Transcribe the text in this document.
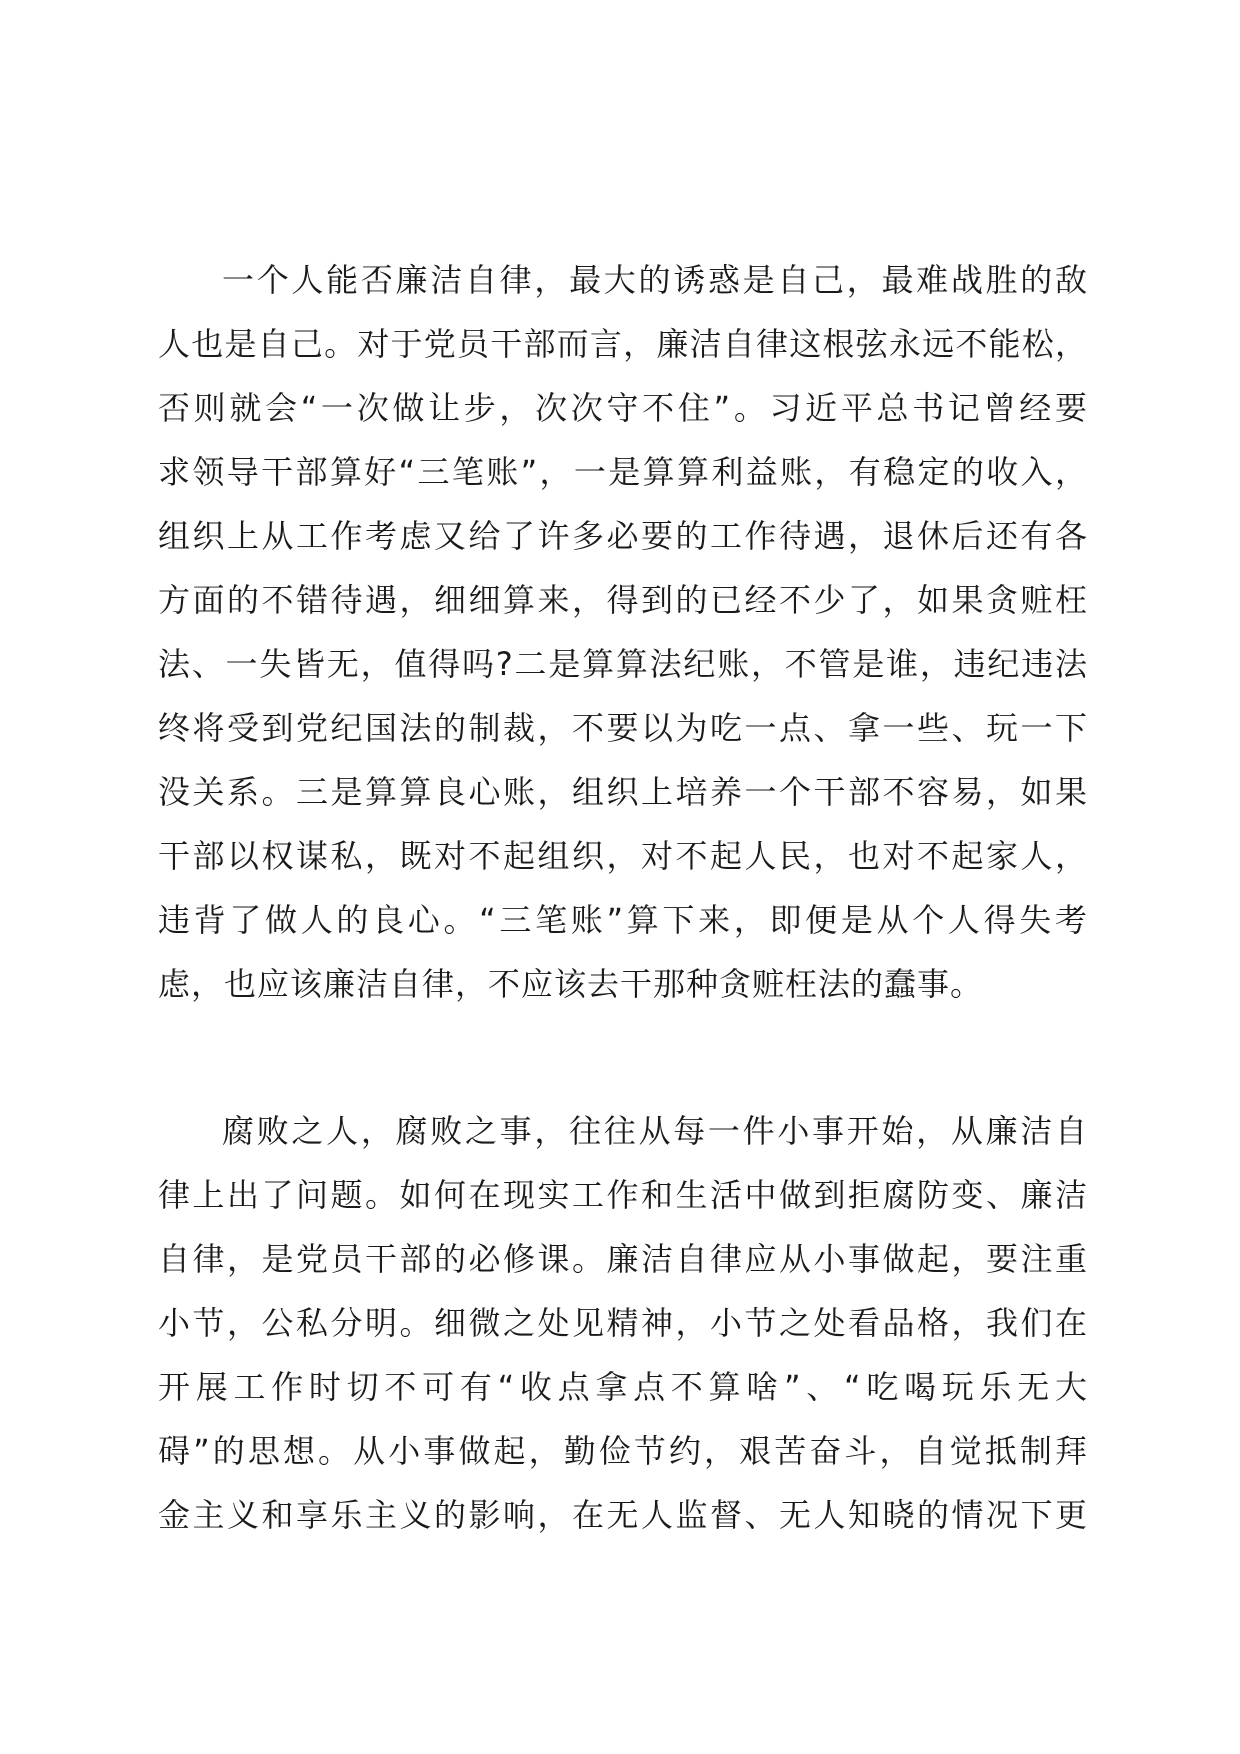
一个人能否廉洁自律，最大的诱惑是自己，最难战胜的敌
人也是自己。对于党员干部而言，廉洁自律这根弦永远不能松，
否则就会“一次做让步，次次守不住”。习近平总书记曾经要
求领导干部算好“三笔账”，一是算算利益账，有稳定的收入，
组织上从工作考虑又给了许多必要的工作待遇，退休后还有各
方面的不错待遇，细细算来，得到的已经不少了，如果贪赃枉
法、一失皆无，值得吗?二是算算法纪账，不管是谁，违纪违法
终将受到党纪国法的制裁，不要以为吃一点、拿一些、玩一下
没关系。三是算算良心账，组织上培养一个干部不容易，如果
干部以权谋私，既对不起组织，对不起人民，也对不起家人，
违背了做人的良心。“三笔账”算下来，即便是从个人得失考
虑，也应该廉洁自律，不应该去干那种贪赃枉法的蠢事。
腐败之人，腐败之事，往往从每一件小事开始，从廉洁自
律上出了问题。如何在现实工作和生活中做到拒腐防变、廉洁
自律，是党员干部的必修课。廉洁自律应从小事做起，要注重
小节，公私分明。细微之处见精神，小节之处看品格，我们在
开展工作时切不可有“收点拿点不算啥”、“吃喝玩乐无大
碍”的思想。从小事做起，勤俭节约，艰苦奋斗，自觉抵制拜
金主义和享乐主义的影响，在无人监督、无人知晓的情况下更
